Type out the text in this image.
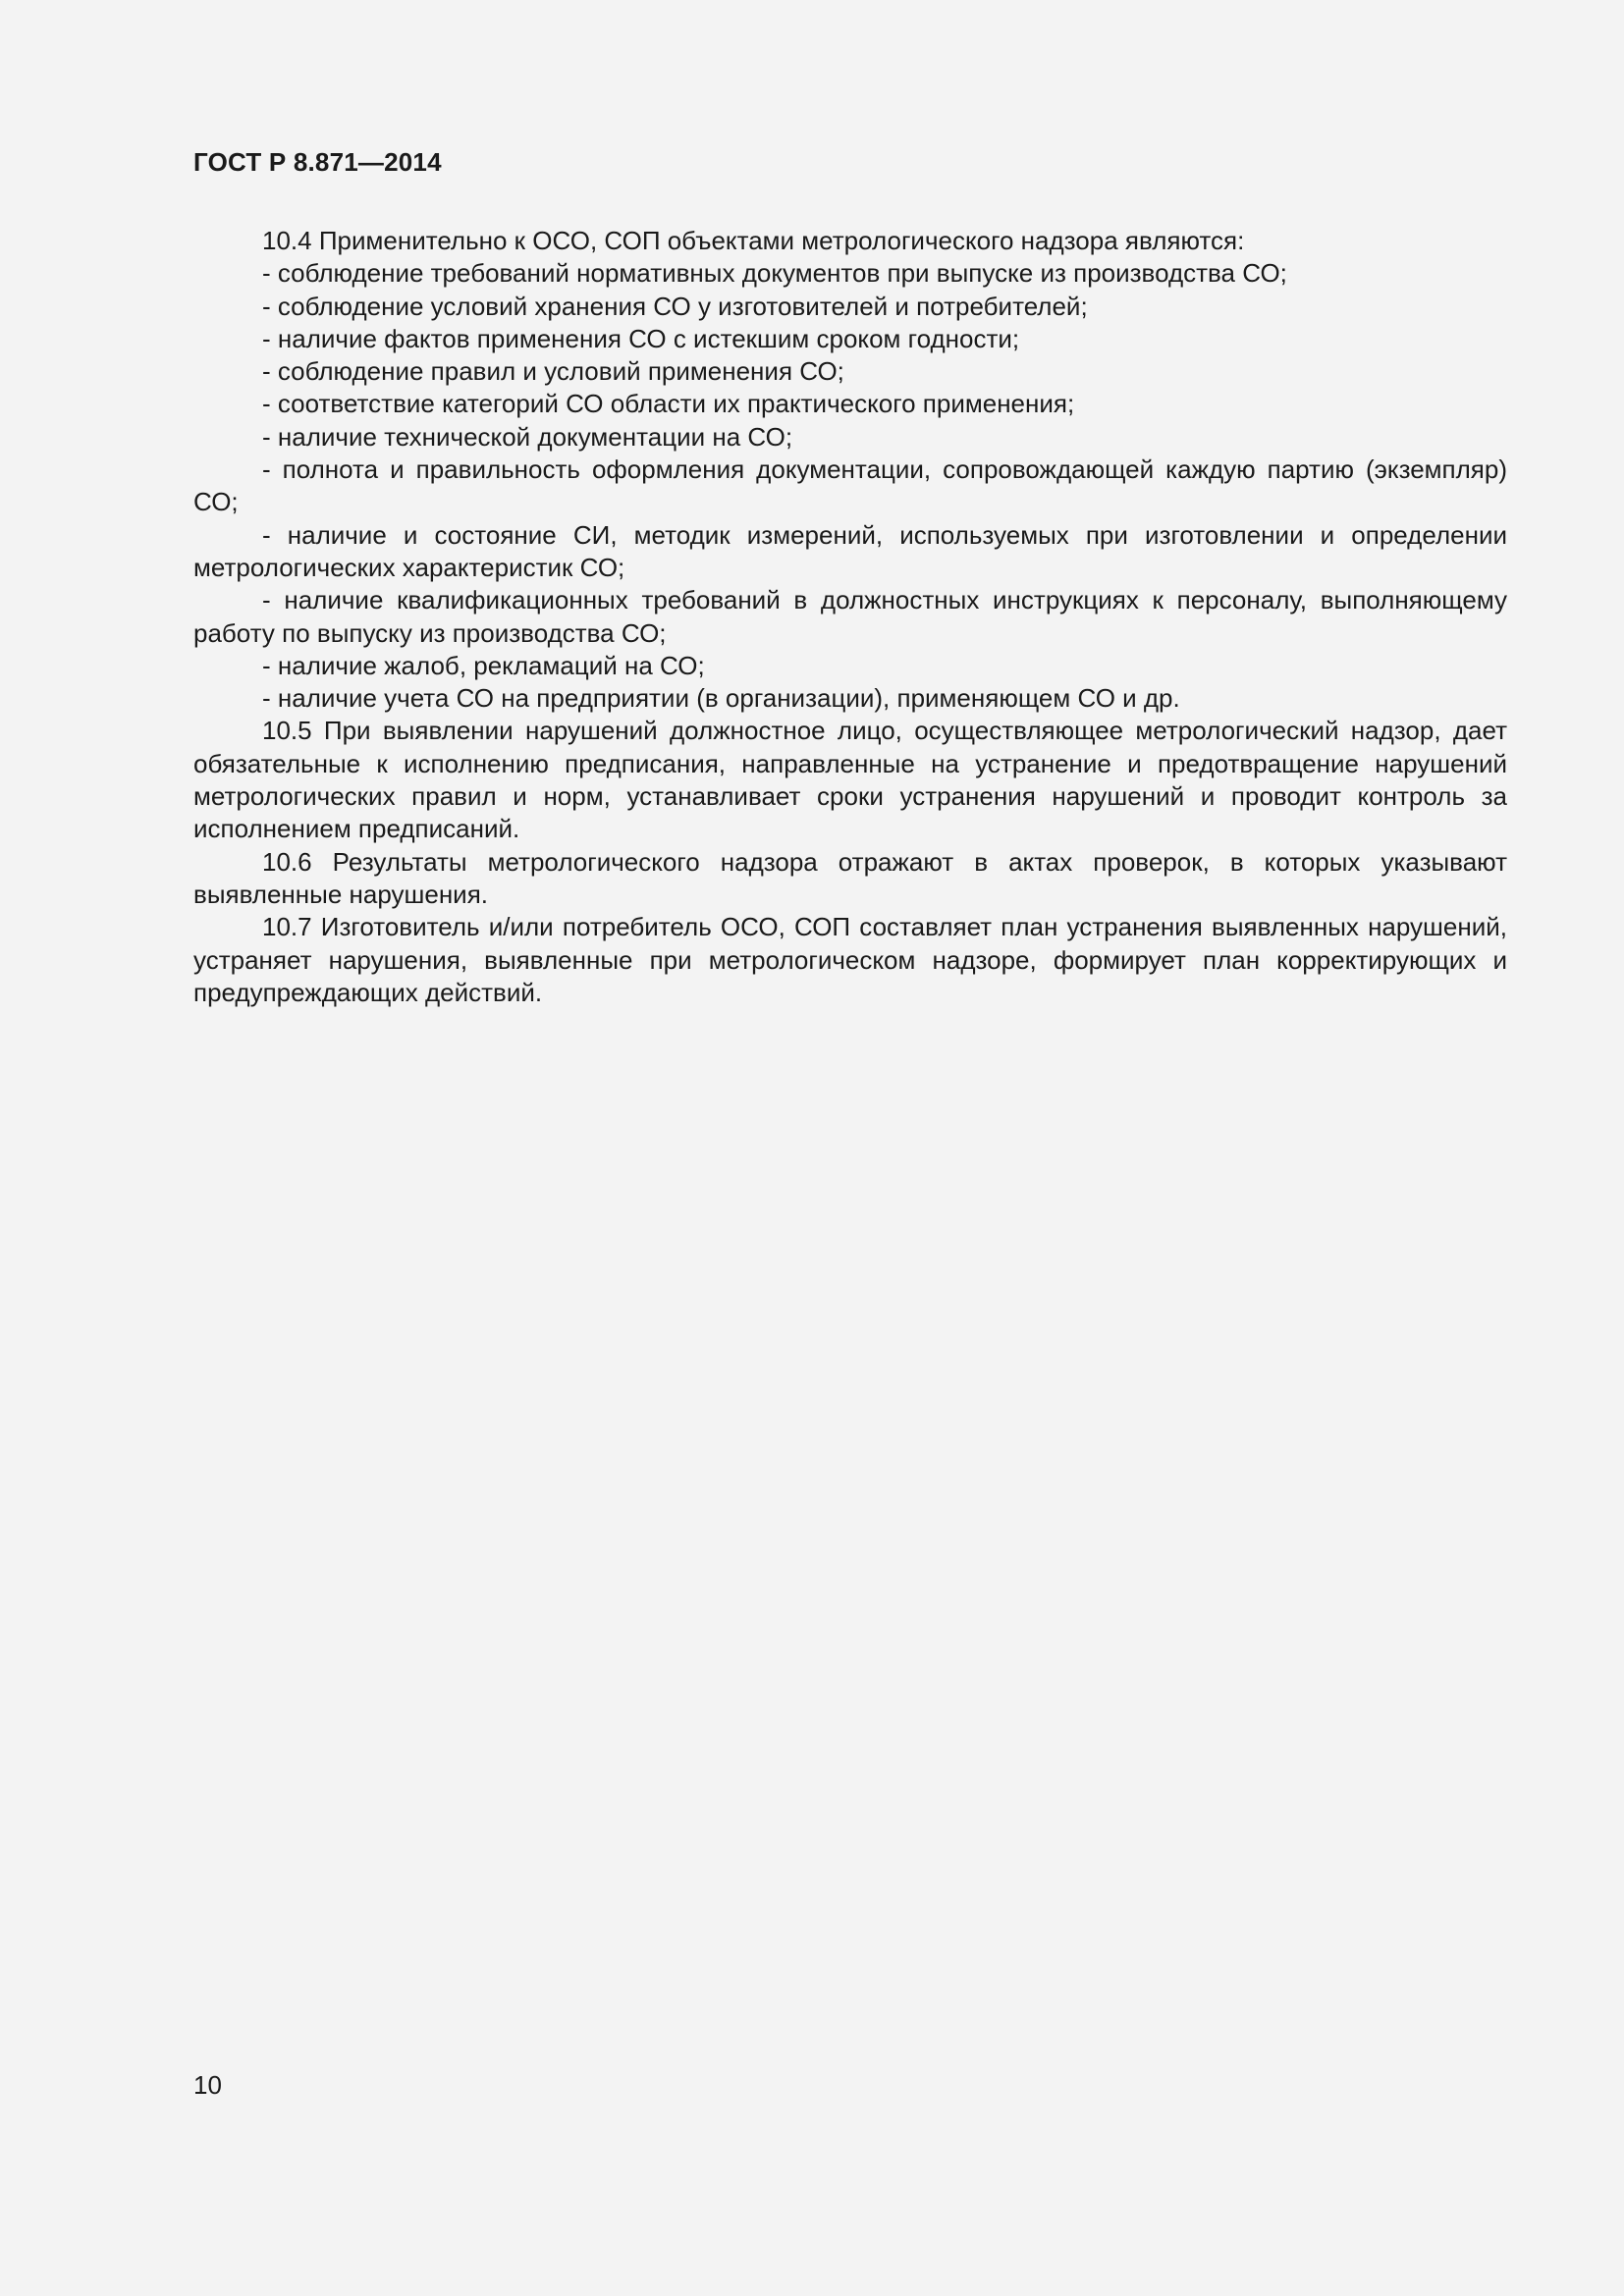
ГОСТ Р 8.871—2014

10.4 Применительно к ОСО, СОП объектами метрологического надзора являются:

- соблюдение требований нормативных документов при выпуске из производства СО;

- соблюдение условий хранения СО у изготовителей и потребителей;

- наличие фактов применения СО с истекшим сроком годности;

- соблюдение правил и условий применения СО;

- соответствие категорий СО области их практического применения;

- наличие технической документации на СО;

- полнота и правильность оформления документации, сопровождающей каждую партию (экземпляр) СО;

- наличие и состояние СИ, методик измерений, используемых при изготовлении и определении метрологических характеристик СО;

- наличие квалификационных требований в должностных инструкциях к персоналу, выполняющему работу по выпуску из производства СО;

- наличие жалоб, рекламаций на СО;

- наличие учета СО на предприятии (в организации), применяющем СО и др.

10.5 При выявлении нарушений должностное лицо, осуществляющее метрологический надзор, дает обязательные к исполнению предписания, направленные на устранение и предотвращение нарушений метрологических правил и норм, устанавливает сроки устранения нарушений и проводит контроль за исполнением предписаний.

10.6 Результаты метрологического надзора отражают в актах проверок, в которых указывают выявленные нарушения.

10.7 Изготовитель и/или потребитель ОСО, СОП составляет план устранения выявленных нарушений, устраняет нарушения, выявленные при метрологическом надзоре, формирует план корректирующих и предупреждающих действий.

10
